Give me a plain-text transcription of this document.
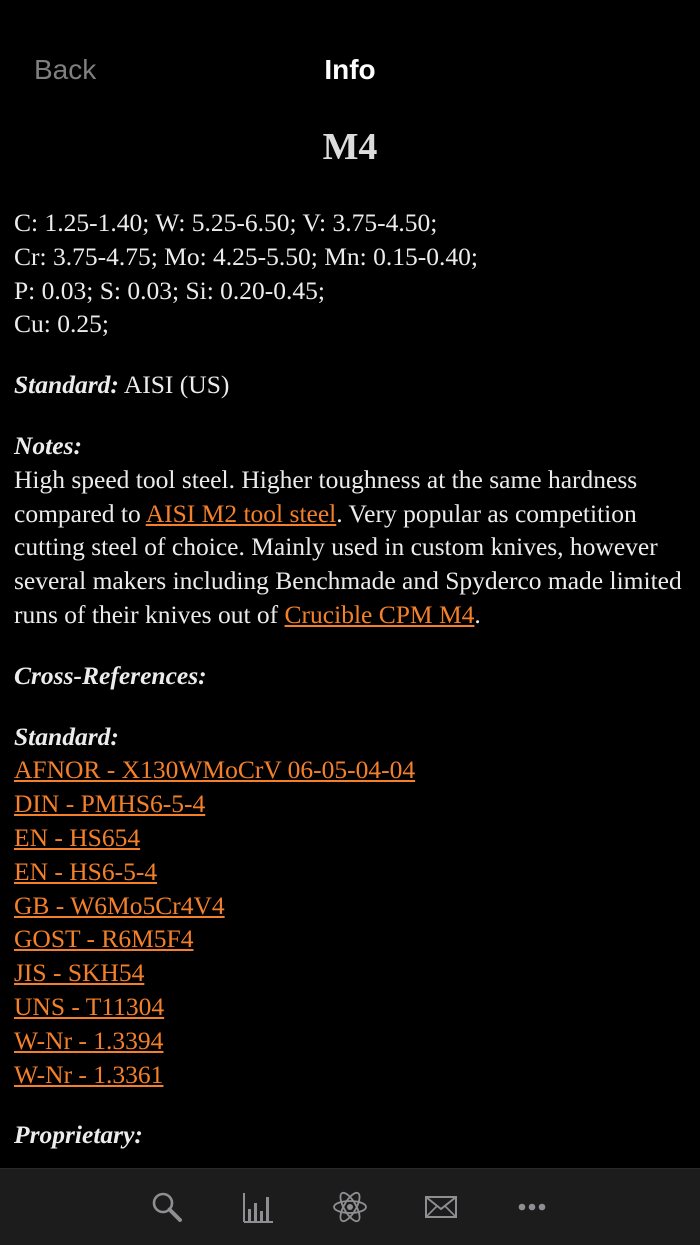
Back	Info
M4
C: 1.25-1.40; W: 5.25-6.50; V: 3.75-4.50;
Cr: 3.75-4.75; Mo: 4.25-5.50; Mn: 0.15-0.40;
P: 0.03; S: 0.03; Si: 0.20-0.45;
Cu: 0.25;
Standard: AISI (US)
Notes:
High speed tool steel. Higher toughness at the same hardness compared to AISI M2 tool steel. Very popular as competition cutting steel of choice. Mainly used in custom knives, however several makers including Benchmade and Spyderco made limited runs of their knives out of Crucible CPM M4.
Cross-References:
Standard:
AFNOR - X130WMoCrV 06-05-04-04
DIN - PMHS6-5-4
EN - HS654
EN - HS6-5-4
GB - W6Mo5Cr4V4
GOST - R6M5F4
JIS - SKH54
UNS - T11304
W-Nr - 1.3394
W-Nr - 1.3361
Proprietary:
